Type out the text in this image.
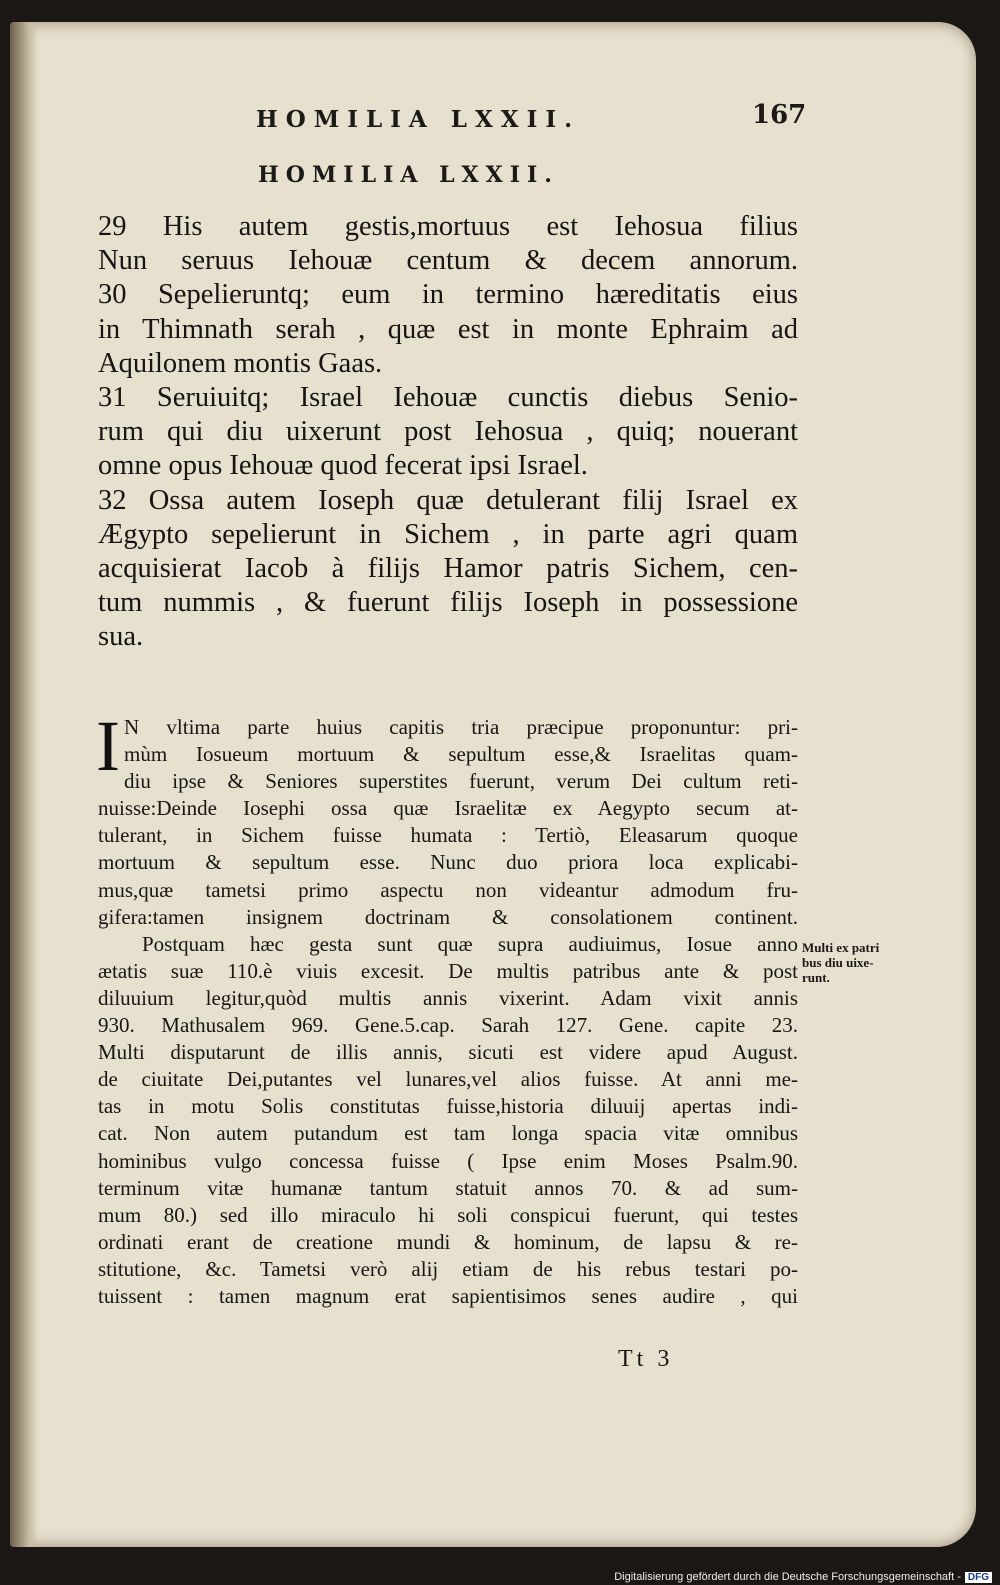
HOMILIA LXXII.	167
HOMILIA LXXII.
29 His autem gestis,mortuus est Iehosua filius
Nun seruus Iehouæ centum & decem annorum.
30 Sepelieruntq; eum in termino hæreditatis eius
in Thimnath serah , quæ est in monte Ephraim ad
Aquilonem montis Gaas.
31 Seruiuitq; Israel Iehouæ cunctis diebus Senio-
rum qui diu uixerunt post Iehosua , quiq; nouerant
omne opus Iehouæ quod fecerat ipsi Israel.
32 Ossa autem Ioseph quæ detulerant filij Israel ex
Ægypto sepelierunt in Sichem , in parte agri quam
acquisierat Iacob à filijs Hamor patris Sichem, cen-
tum nummis , & fuerunt filijs Ioseph in possessione
sua.
I N vltima parte huius capitis tria præcipue proponuntur: pri-
mùm Iosueum mortuum & sepultum esse,& Israelitas quam-
diu ipse & Seniores superstites fuerunt, verum Dei cultum reti-
nuisse:Deinde Iosephi ossa quæ Israelitæ ex Aegypto secum at-
tulerant, in Sichem fuisse humata : Tertiò, Eleasarum quoque
mortuum & sepultum esse. Nunc duo priora loca explicabi-
mus,quæ tametsi primo aspectu non videantur admodum fru-
gifera:tamen insignem doctrinam & consolationem continent.
Postquam hæc gesta sunt quæ supra audiuimus, Iosue anno
ætatis suæ 110.è viuis excesit. De multis patribus ante & post
diluuium legitur,quòd multis annis vixerint. Adam vixit annis
930. Mathusalem 969. Gene.5.cap. Sarah 127. Gene. capite 23.
Multi disputarunt de illis annis, sicuti est videre apud August.
de ciuitate Dei,putantes vel lunares,vel alios fuisse. At anni me-
tas in motu Solis constitutas fuisse,historia diluuij apertas indi-
cat. Non autem putandum est tam longa spacia vitæ omnibus
hominibus vulgo concessa fuisse ( Ipse enim Moses Psalm.90.
terminum vitæ humanæ tantum statuit annos 70. & ad sum-
mum 80.) sed illo miraculo hi soli conspicui fuerunt, qui testes
ordinati erant de creatione mundi & hominum, de lapsu & re-
stitutione, &c. Tametsi verò alij etiam de his rebus testari po-
tuissent : tamen magnum erat sapientisimos senes audire , qui
Multi ex patri
bus diu uixe-
runt.
Tt 3
Digitalisierung gefördert durch die Deutsche Forschungsgemeinschaft - DFG
